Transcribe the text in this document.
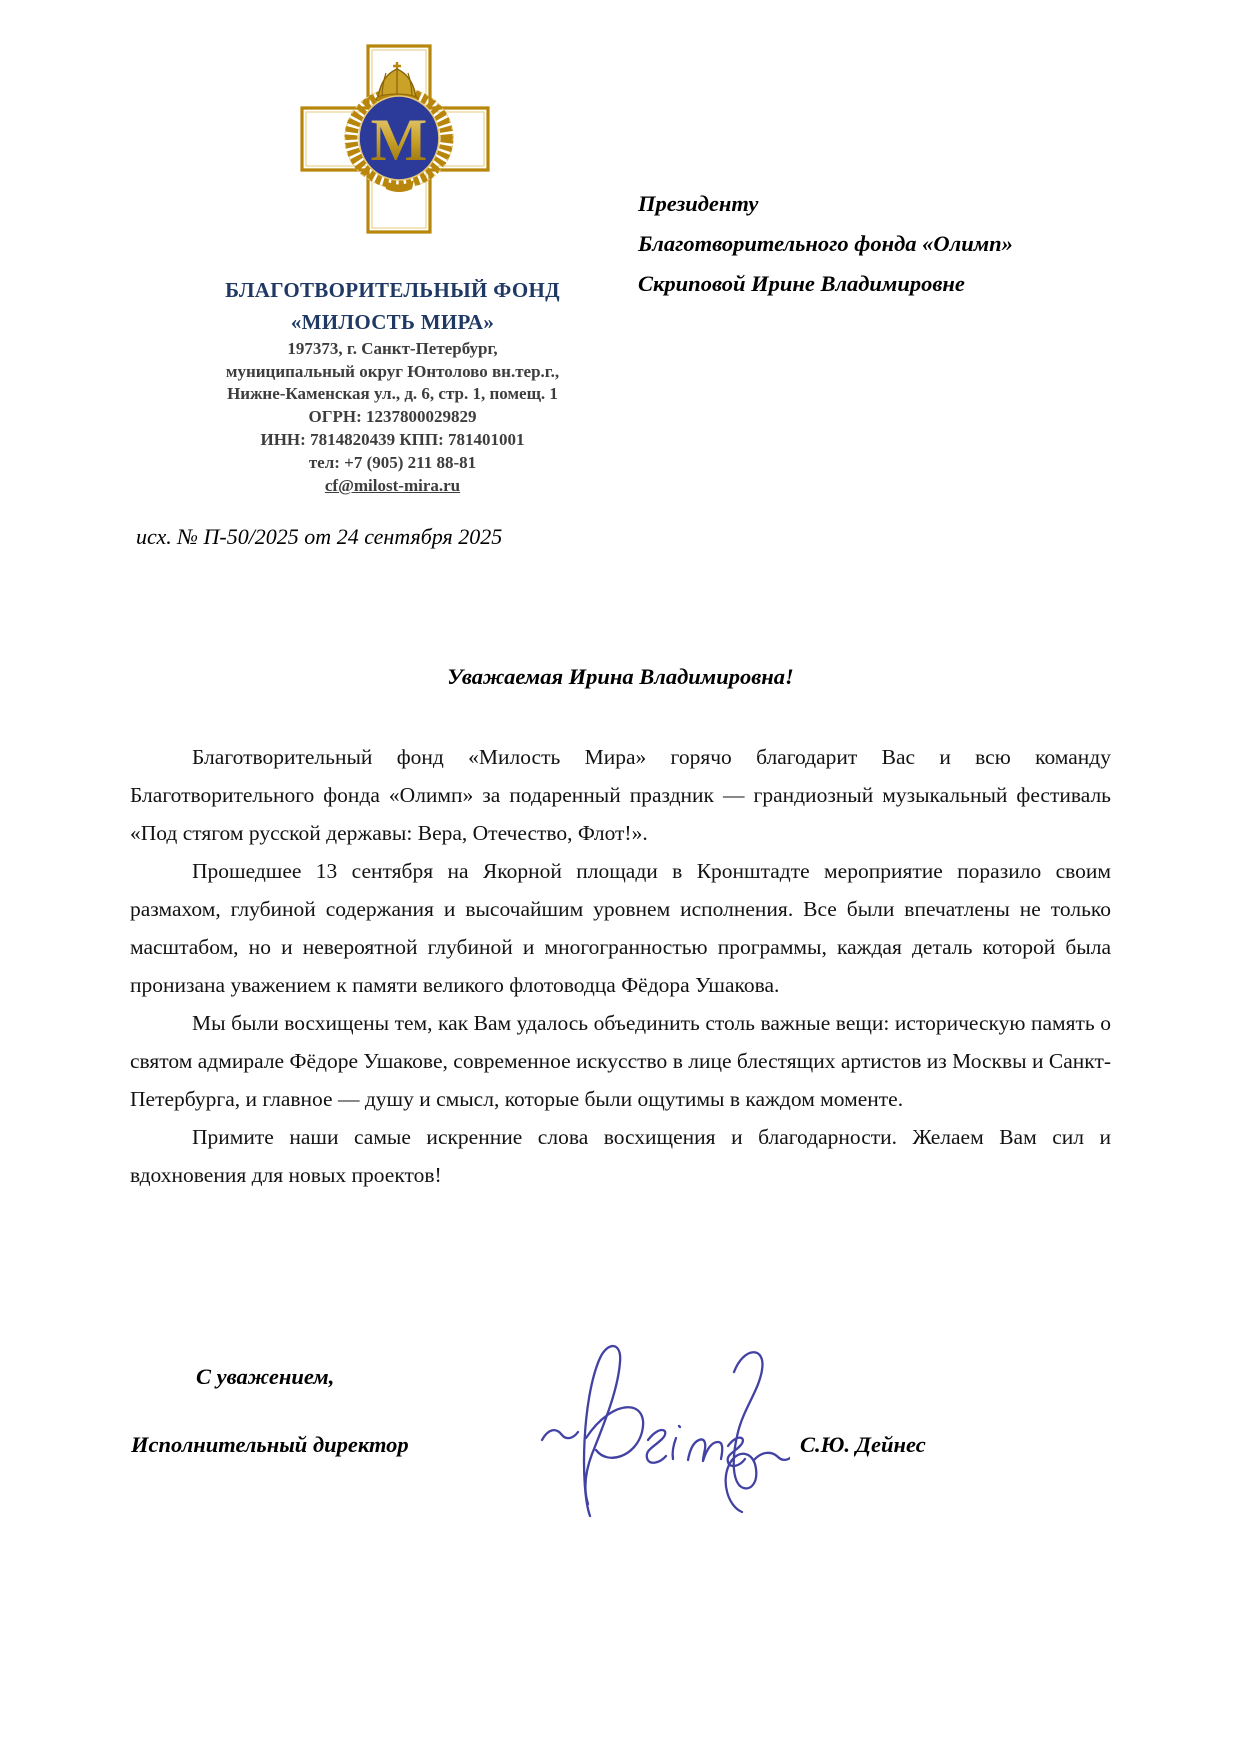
M
БЛАГОТВОРИТЕЛЬНЫЙ ФОНД
«МИЛОСТЬ МИРА»
197373, г. Санкт-Петербург,
муниципальный округ Юнтолово вн.тер.г.,
Нижне-Каменская ул., д. 6, стр. 1, помещ. 1
ОГРН: 1237800029829
ИНН: 7814820439 КПП: 781401001
тел: +7 (905) 211 88-81
cf@milost-mira.ru
Президенту
Благотворительного фонда «Олимп»
Скриповой Ирине Владимировне
исх. № П-50/2025 от 24 сентября 2025
Уважаемая Ирина Владимировна!

Благотворительный фонд «Милость Мира» горячо благодарит Вас и всю команду Благотворительного фонда «Олимп» за подаренный праздник — грандиозный музыкальный фестиваль «Под стягом русской державы: Вера, Отечество, Флот!».

Прошедшее 13 сентября на Якорной площади в Кронштадте мероприятие поразило своим размахом, глубиной содержания и высочайшим уровнем исполнения. Все были впечатлены не только масштабом, но и невероятной глубиной и многогранностью программы, каждая деталь которой была пронизана уважением к памяти великого флотоводца Фёдора Ушакова.

Мы были восхищены тем, как Вам удалось объединить столь важные вещи: историческую память о святом адмирале Фёдоре Ушакове, современное искусство в лице блестящих артистов из Москвы и Санкт-Петербурга, и главное — душу и смысл, которые были ощутимы в каждом моменте.

Примите наши самые искренние слова восхищения и благодарности. Желаем Вам сил и вдохновения для новых проектов!

С уважением,
Исполнительный директор	С.Ю. Дейнес
